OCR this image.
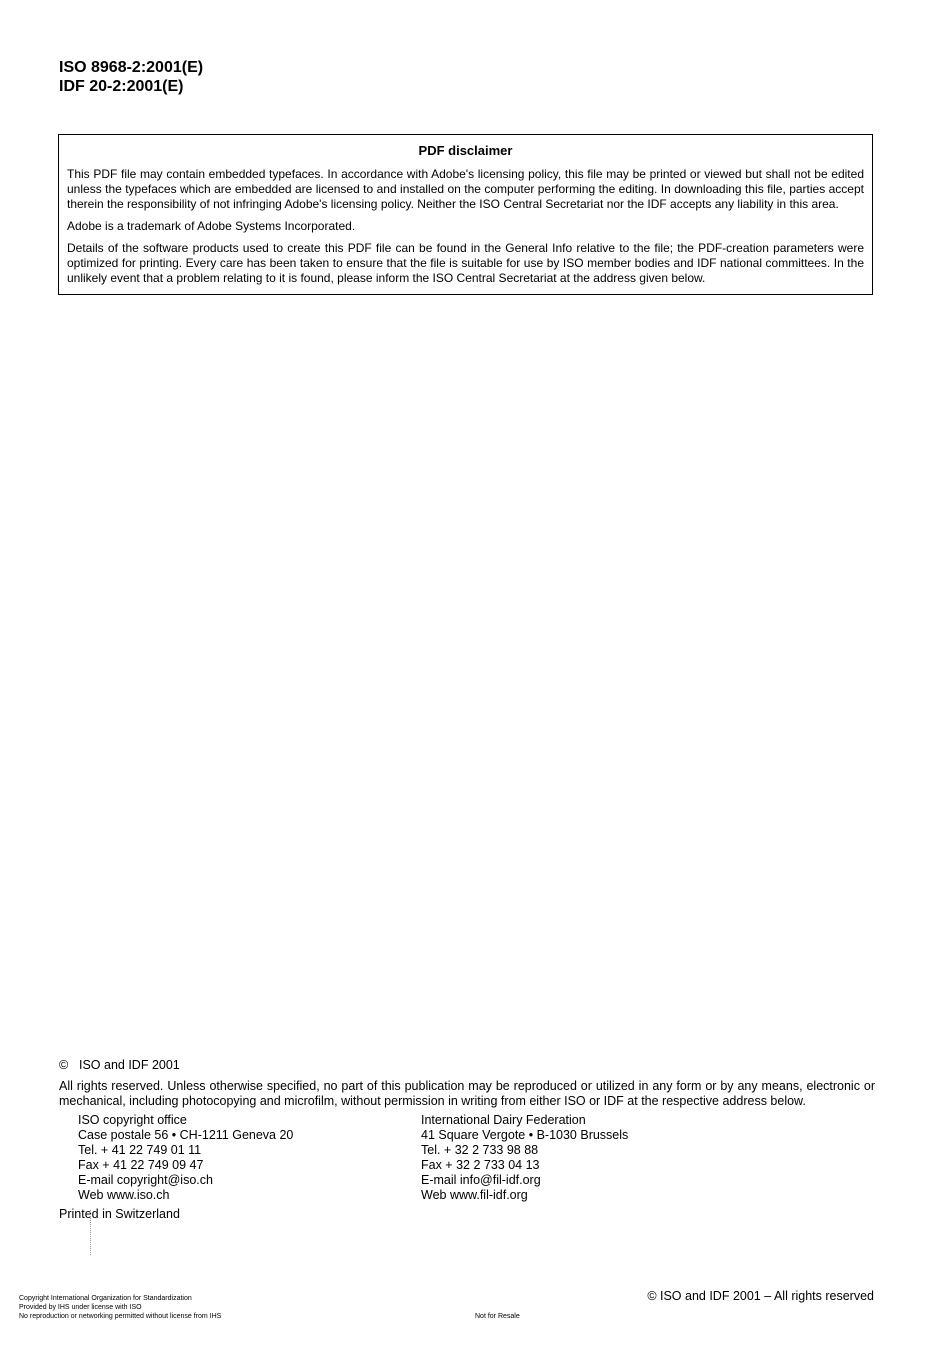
ISO 8968-2:2001(E)
IDF 20-2:2001(E)
PDF disclaimer

This PDF file may contain embedded typefaces. In accordance with Adobe's licensing policy, this file may be printed or viewed but shall not be edited unless the typefaces which are embedded are licensed to and installed on the computer performing the editing. In downloading this file, parties accept therein the responsibility of not infringing Adobe's licensing policy. Neither the ISO Central Secretariat nor the IDF accepts any liability in this area.

Adobe is a trademark of Adobe Systems Incorporated.

Details of the software products used to create this PDF file can be found in the General Info relative to the file; the PDF-creation parameters were optimized for printing. Every care has been taken to ensure that the file is suitable for use by ISO member bodies and IDF national committees. In the unlikely event that a problem relating to it is found, please inform the ISO Central Secretariat at the address given below.

© ISO and IDF 2001
All rights reserved. Unless otherwise specified, no part of this publication may be reproduced or utilized in any form or by any means, electronic or mechanical, including photocopying and microfilm, without permission in writing from either ISO or IDF at the respective address below.
ISO copyright office
Case postale 56 • CH-1211 Geneva 20
Tel. + 41 22 749 01 11
Fax + 41 22 749 09 47
E-mail copyright@iso.ch
Web www.iso.ch
International Dairy Federation
41 Square Vergote • B-1030 Brussels
Tel. + 32 2 733 98 88
Fax + 32 2 733 04 13
E-mail info@fil-idf.org
Web www.fil-idf.org
Printed in Switzerland
Copyright International Organization for Standardization
Provided by IHS under license with ISO
No reproduction or networking permitted without license from IHS	Not for Resale
© ISO and IDF 2001 – All rights reserved
